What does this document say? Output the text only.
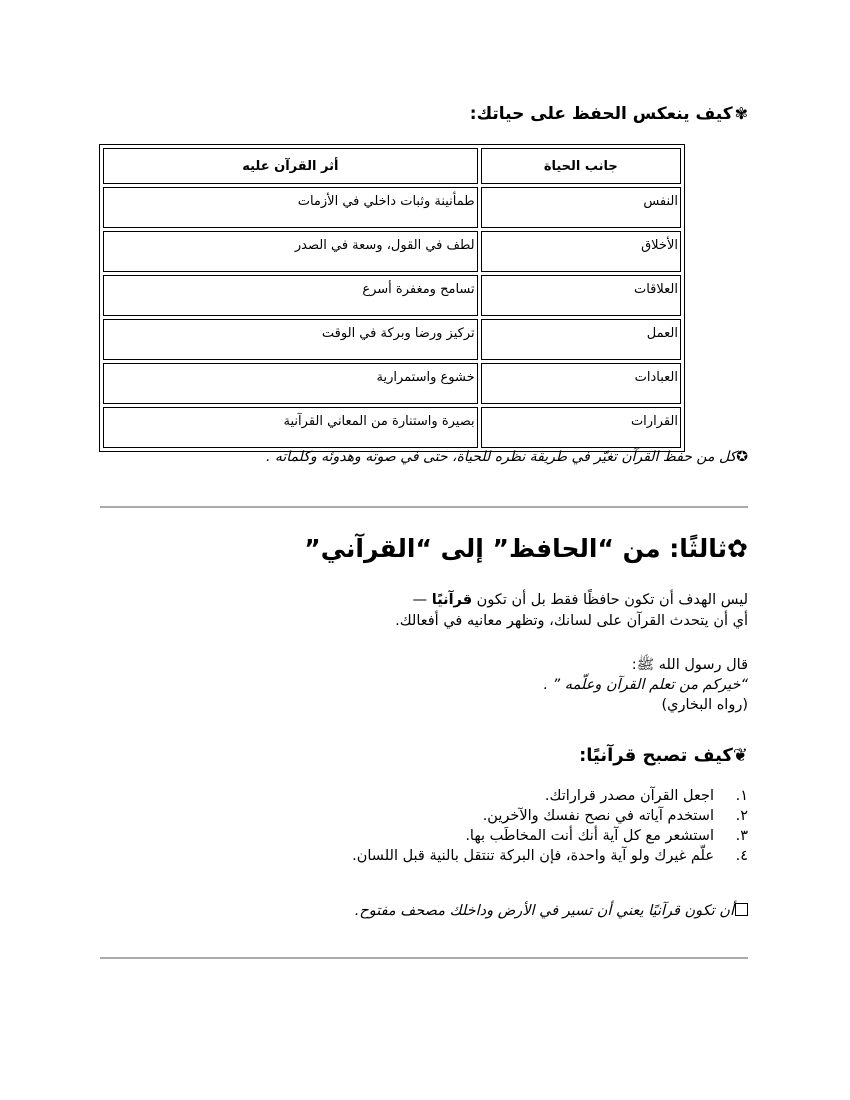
✾كيف ينعكس الحفظ على حياتك:
جانب الحياة	أثر القرآن عليه
النفس	طمأنينة وثبات داخلي في الأزمات
الأخلاق	لطف في القول، وسعة في الصدر
العلاقات	تسامح ومغفرة أسرع
العمل	تركيز ورضا وبركة في الوقت
العبادات	خشوع واستمرارية
القرارات	بصيرة واستنارة من المعاني القرآنية
✪كل من حفظ القرآن تغيّر في طريقة نظره للحياة، حتى في صوته وهدوئه وكلماته .
✿ثالثًا: من “الحافظ” إلى “القرآني”
ليس الهدف أن تكون حافظًا فقط بل أن تكون قرآنيًا —
أي أن يتحدث القرآن على لسانك، وتظهر معانيه في أفعالك.
قال رسول الله ﷺ:
“خيركم من تعلم القرآن وعلّمه ” .
(رواه البخاري)
❦كيف تصبح قرآنيًا:
١.
اجعل القرآن مصدر قراراتك.
٢.
استخدم آياته في نصح نفسك والآخرين.
٣.
استشعر مع كل آية أنك أنت المخاطَب بها.
٤.
علّم غيرك ولو آية واحدة، فإن البركة تنتقل بالنية قبل اللسان.
أن تكون قرآنيًا يعني أن تسير في الأرض وداخلك مصحف مفتوح.
